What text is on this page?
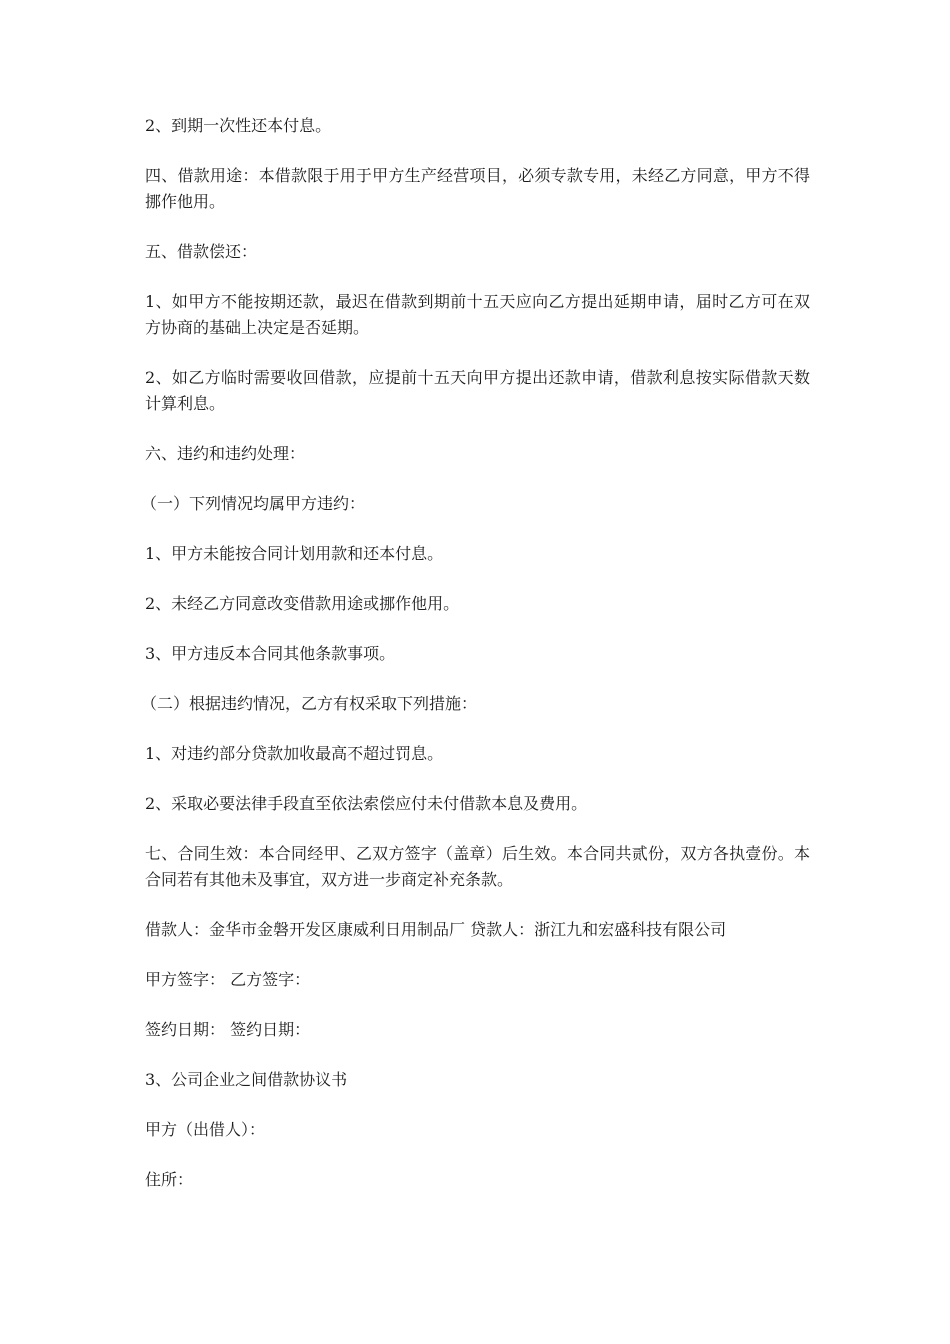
2、到期一次性还本付息。

四、借款用途：本借款限于用于甲方生产经营项目，必须专款专用，未经乙方同意，甲方不得挪作他用。

五、借款偿还：

1、如甲方不能按期还款，最迟在借款到期前十五天应向乙方提出延期申请，届时乙方可在双方协商的基础上决定是否延期。

2、如乙方临时需要收回借款，应提前十五天向甲方提出还款申请，借款利息按实际借款天数计算利息。

六、违约和违约处理：

（一）下列情况均属甲方违约：

1、甲方未能按合同计划用款和还本付息。

2、未经乙方同意改变借款用途或挪作他用。

3、甲方违反本合同其他条款事项。

（二）根据违约情况，乙方有权采取下列措施：

1、对违约部分贷款加收最高不超过罚息。

2、采取必要法律手段直至依法索偿应付未付借款本息及费用。

七、合同生效：本合同经甲、乙双方签字（盖章）后生效。本合同共贰份，双方各执壹份。本合同若有其他未及事宜，双方进一步商定补充条款。

借款人：金华市金磐开发区康威利日用制品厂 贷款人：浙江九和宏盛科技有限公司

甲方签字： 乙方签字：

签约日期： 签约日期：

3、公司企业之间借款协议书

甲方（出借人）：

住所：
